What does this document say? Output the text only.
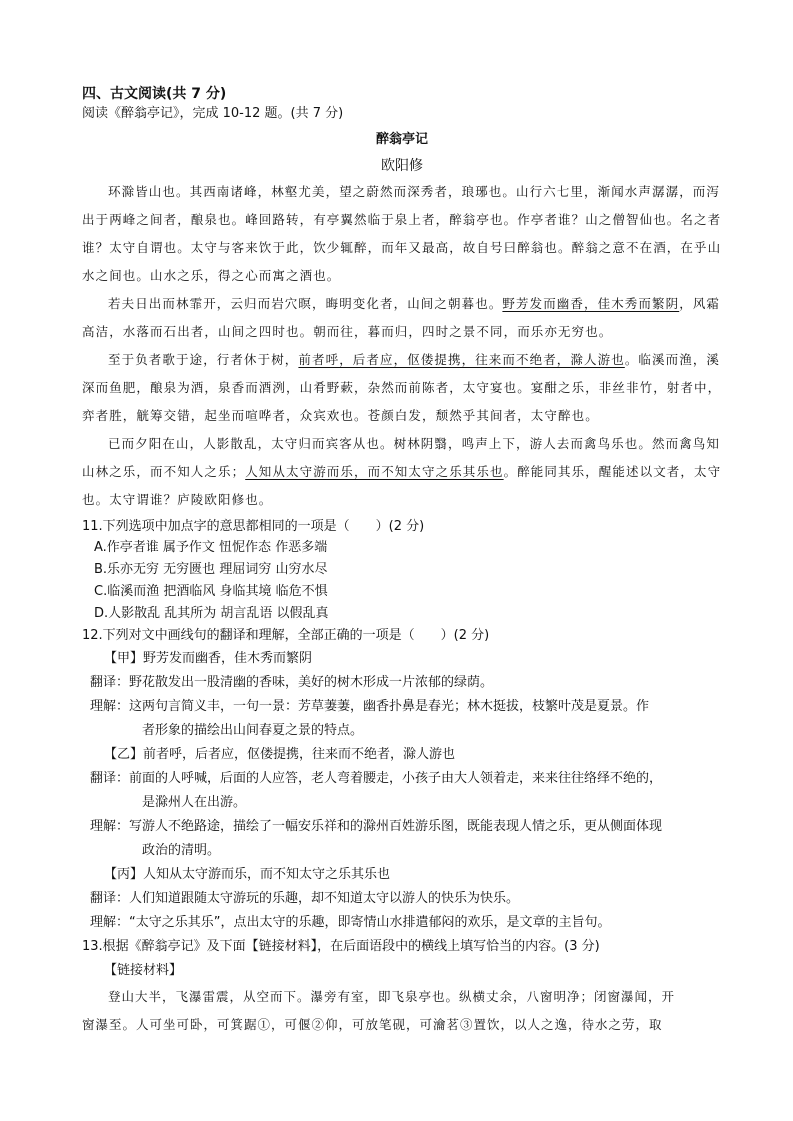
四、古文阅读(共 7 分)

阅读《醉翁亭记》，完成 10-12 题。(共 7 分)

醉翁亭记

欧阳修

环滁皆山也。其西南诸峰，林壑尤美，望之蔚然而深秀者，琅琊也。山行六七里，渐闻水声潺潺，而泻出于两峰之间者，酿泉也。峰回路转，有亭翼然临于泉上者，醉翁亭也。作亭者谁？山之僧智仙也。名之者谁？太守自谓也。太守与客来饮于此，饮少辄醉，而年又最高，故自号曰醉翁也。醉翁之意不在酒，在乎山水之间也。山水之乐，得之心而寓之酒也。

若夫日出而林霏开，云归而岩穴暝，晦明变化者，山间之朝暮也。野芳发而幽香，佳木秀而繁阴，风霜高洁，水落而石出者，山间之四时也。朝而往，暮而归，四时之景不同，而乐亦无穷也。

至于负者歌于途，行者休于树，前者呼，后者应，伛偻提携，往来而不绝者，滁人游也。临溪而渔，溪深而鱼肥，酿泉为酒，泉香而酒洌，山肴野蔌，杂然而前陈者，太守宴也。宴酣之乐，非丝非竹，射者中，弈者胜，觥筹交错，起坐而喧哗者，众宾欢也。苍颜白发，颓然乎其间者，太守醉也。

已而夕阳在山，人影散乱，太守归而宾客从也。树林阴翳，鸣声上下，游人去而禽鸟乐也。然而禽鸟知山林之乐，而不知人之乐；人知从太守游而乐，而不知太守之乐其乐也。醉能同其乐，醒能述以文者，太守也。太守谓谁？庐陵欧阳修也。

11.下列选项中加点字的意思都相同的一项是（　　）(2 分)

A.作亭者谁 属予作文 忸怩作态 作恶多端

B.乐亦无穷 无穷匮也 理屈词穷 山穷水尽

C.临溪而渔 把酒临风 身临其境 临危不惧

D.人影散乱 乱其所为 胡言乱语 以假乱真

12.下列对文中画线句的翻译和理解，全部正确的一项是（　　）(2 分)

【甲】野芳发而幽香，佳木秀而繁阴

翻译：野花散发出一股清幽的香味，美好的树木形成一片浓郁的绿荫。

理解：这两句言简义丰，一句一景：芳草萋萋，幽香扑鼻是春光；林木挺拔，枝繁叶茂是夏景。作

者形象的描绘出山间春夏之景的特点。

【乙】前者呼，后者应，伛偻提携，往来而不绝者，滁人游也

翻译：前面的人呼喊，后面的人应答，老人弯着腰走，小孩子由大人领着走，来来往往络绎不绝的，

是滁州人在出游。

理解：写游人不绝路途，描绘了一幅安乐祥和的滁州百姓游乐图，既能表现人情之乐，更从侧面体现

政治的清明。

【丙】人知从太守游而乐，而不知太守之乐其乐也

翻译：人们知道跟随太守游玩的乐趣，却不知道太守以游人的快乐为快乐。

理解：“太守之乐其乐”，点出太守的乐趣，即寄情山水排遣郁闷的欢乐，是文章的主旨句。

13.根据《醉翁亭记》及下面【链接材料】，在后面语段中的横线上填写恰当的内容。(3 分)

【链接材料】

登山大半，飞瀑雷震，从空而下。瀑旁有室，即飞泉亭也。纵横丈余，八窗明净；闭窗瀑闻，开

窗瀑至。人可坐可卧，可箕踞①，可偃②仰，可放笔砚，可瀹茗③置饮，以人之逸，待水之劳，取
